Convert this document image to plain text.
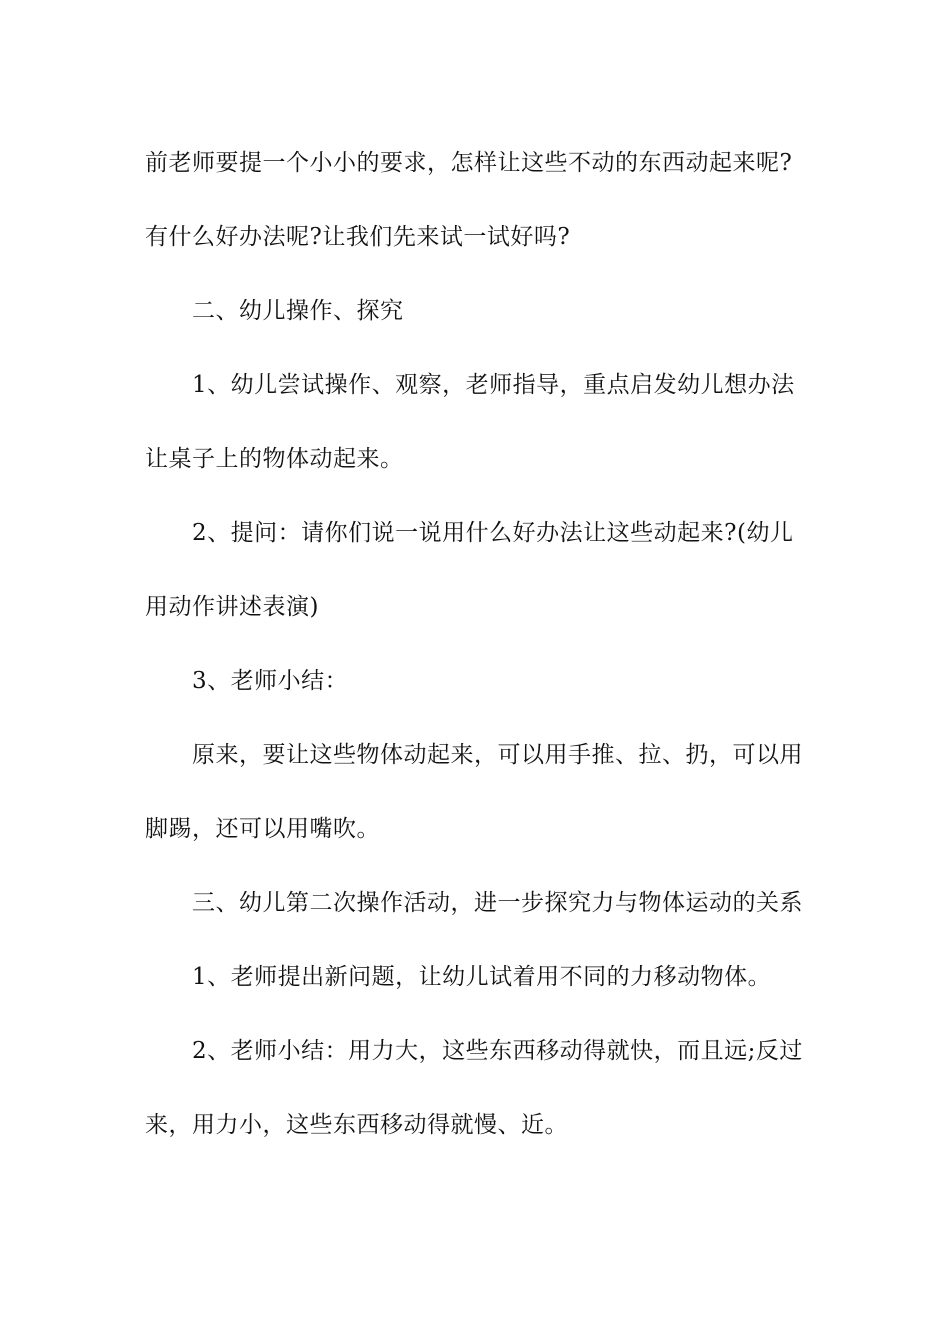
前老师要提一个小小的要求，怎样让这些不动的东西动起来呢?有什么好办法呢?让我们先来试一试好吗?

二、幼儿操作、探究

1、幼儿尝试操作、观察，老师指导，重点启发幼儿想办法让桌子上的物体动起来。

2、提问：请你们说一说用什么好办法让这些动起来?(幼儿用动作讲述表演)

3、老师小结：

原来，要让这些物体动起来，可以用手推、拉、扔，可以用脚踢，还可以用嘴吹。

三、幼儿第二次操作活动，进一步探究力与物体运动的关系

1、老师提出新问题，让幼儿试着用不同的力移动物体。

2、老师小结：用力大，这些东西移动得就快，而且远;反过来，用力小，这些东西移动得就慢、近。
